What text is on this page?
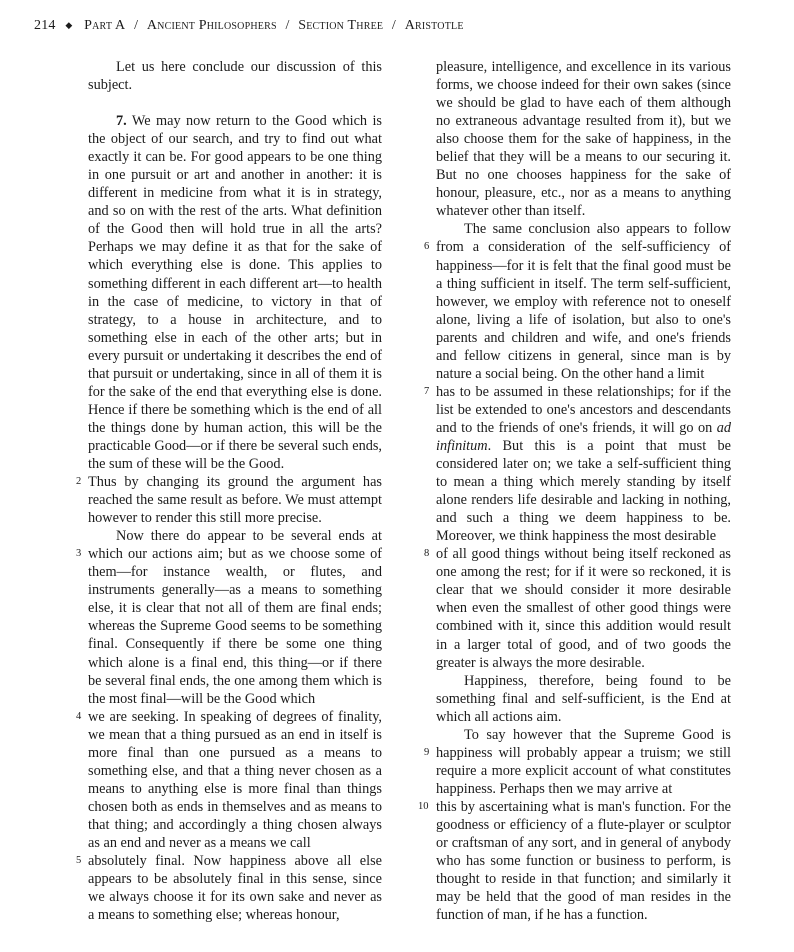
214 ◆ Part A / Ancient Philosophers / Section Three / Aristotle

Let us here conclude our discussion of this subject.

7. We may now return to the Good which is the object of our search, and try to find out what exactly it can be. For good appears to be one thing in one pursuit or art and another in another: it is different in medicine from what it is in strategy, and so on with the rest of the arts. What definition of the Good then will hold true in all the arts? Perhaps we may define it as that for the sake of which everything else is done. This applies to something different in each different art—to health in the case of medicine, to victory in that of strategy, to a house in architecture, and to something else in each of the other arts; but in every pursuit or undertaking it describes the end of that pursuit or undertaking, since in all of them it is for the sake of the end that everything else is done. Hence if there be something which is the end of all the things done by human action, this will be the practicable Good—or if there be several such ends, the sum of these will be the Good.

2 Thus by changing its ground the argument has reached the same result as before. We must attempt however to render this still more precise.

Now there do appear to be several ends at

3 which our actions aim; but as we choose some of them—for instance wealth, or flutes, and instruments generally—as a means to something else, it is clear that not all of them are final ends; whereas the Supreme Good seems to be something final. Consequently if there be some one thing which alone is a final end, this thing—or if there be several final ends, the one among them which is the most final—will be the Good which

4 we are seeking. In speaking of degrees of finality, we mean that a thing pursued as an end in itself is more final than one pursued as a means to something else, and that a thing never chosen as a means to anything else is more final than things chosen both as ends in themselves and as means to that thing; and accordingly a thing chosen always as an end and never as a means we call

5 absolutely final. Now happiness above all else appears to be absolutely final in this sense, since we always choose it for its own sake and never as a means to something else; whereas honour,

pleasure, intelligence, and excellence in its various forms, we choose indeed for their own sakes (since we should be glad to have each of them although no extraneous advantage resulted from it), but we also choose them for the sake of happiness, in the belief that they will be a means to our securing it. But no one chooses happiness for the sake of honour, pleasure, etc., nor as a means to anything whatever other than itself.

The same conclusion also appears to follow

6 from a consideration of the self-sufficiency of happiness—for it is felt that the final good must be a thing sufficient in itself. The term self-sufficient, however, we employ with reference not to oneself alone, living a life of isolation, but also to one's parents and children and wife, and one's friends and fellow citizens in general, since man is by nature a social being. On the other hand a limit

7 has to be assumed in these relationships; for if the list be extended to one's ancestors and descendants and to the friends of one's friends, it will go on ad infinitum. But this is a point that must be considered later on; we take a self-sufficient thing to mean a thing which merely standing by itself alone renders life desirable and lacking in nothing, and such a thing we deem happiness to be. Moreover, we think happiness the most desirable

8 of all good things without being itself reckoned as one among the rest; for if it were so reckoned, it is clear that we should consider it more desirable when even the smallest of other good things were combined with it, since this addition would result in a larger total of good, and of two goods the greater is always the more desirable.

Happiness, therefore, being found to be something final and self-sufficient, is the End at which all actions aim.

To say however that the Supreme Good is

9 happiness will probably appear a truism; we still require a more explicit account of what constitutes happiness. Perhaps then we may arrive at

10 this by ascertaining what is man's function. For the goodness or efficiency of a flute-player or sculptor or craftsman of any sort, and in general of anybody who has some function or business to perform, is thought to reside in that function; and similarly it may be held that the good of man resides in the function of man, if he has a function.
